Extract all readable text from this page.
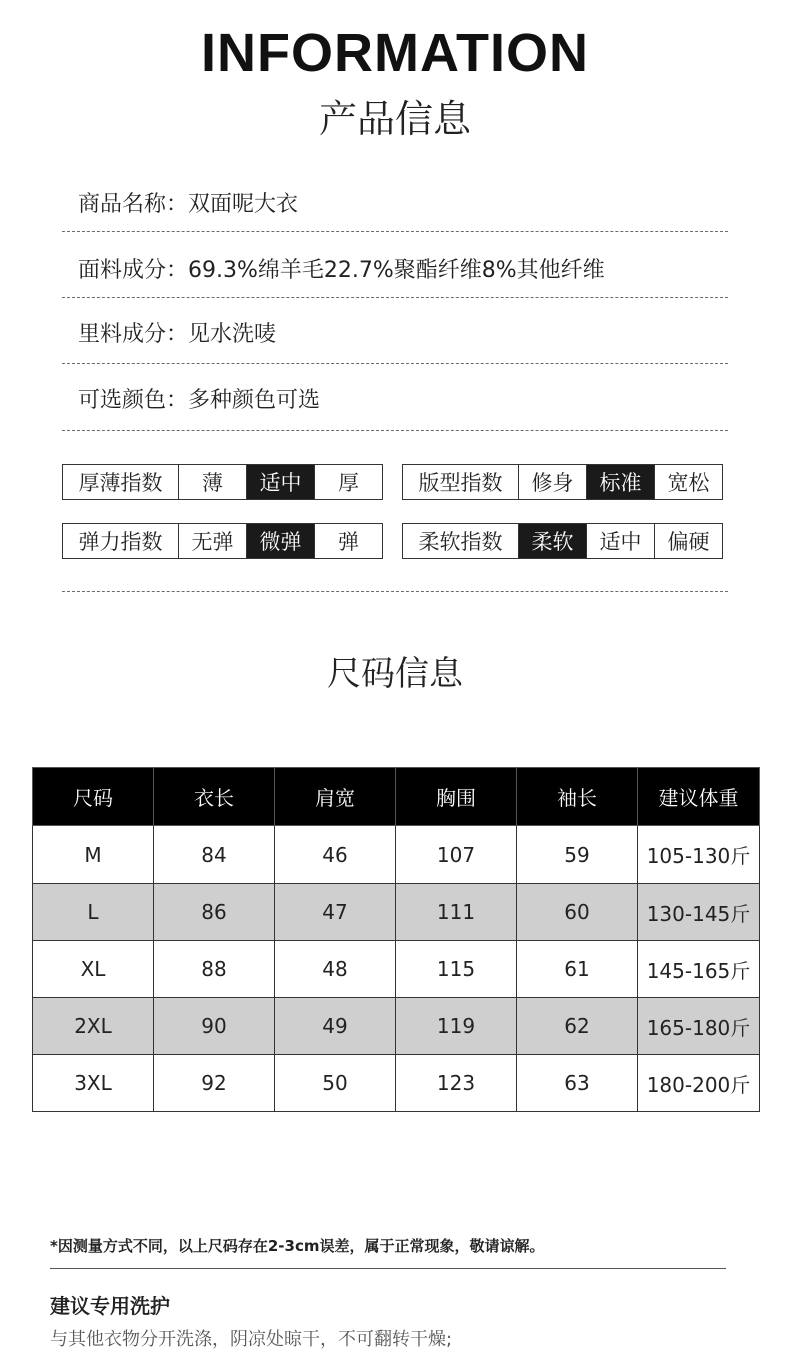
INFORMATION
产品信息
商品名称：双面呢大衣
面料成分：69.3%绵羊毛22.7%聚酯纤维8%其他纤维
里料成分：见水洗唛
可选颜色：多种颜色可选
厚薄指数	薄	适中	厚	版型指数	修身	标准	宽松
弹力指数	无弹	微弹	弹	柔软指数	柔软	适中	偏硬
尺码信息
尺码	衣长	肩宽	胸围	袖长	建议体重
M	84	46	107	59	105-130斤
L	86	47	111	60	130-145斤
XL	88	48	115	61	145-165斤
2XL	90	49	119	62	165-180斤
3XL	92	50	123	63	180-200斤
*因测量方式不同，以上尺码存在2-3cm误差，属于正常现象，敬请谅解。
建议专用洗护
与其他衣物分开洗涤，阴凉处晾干，不可翻转干燥;
